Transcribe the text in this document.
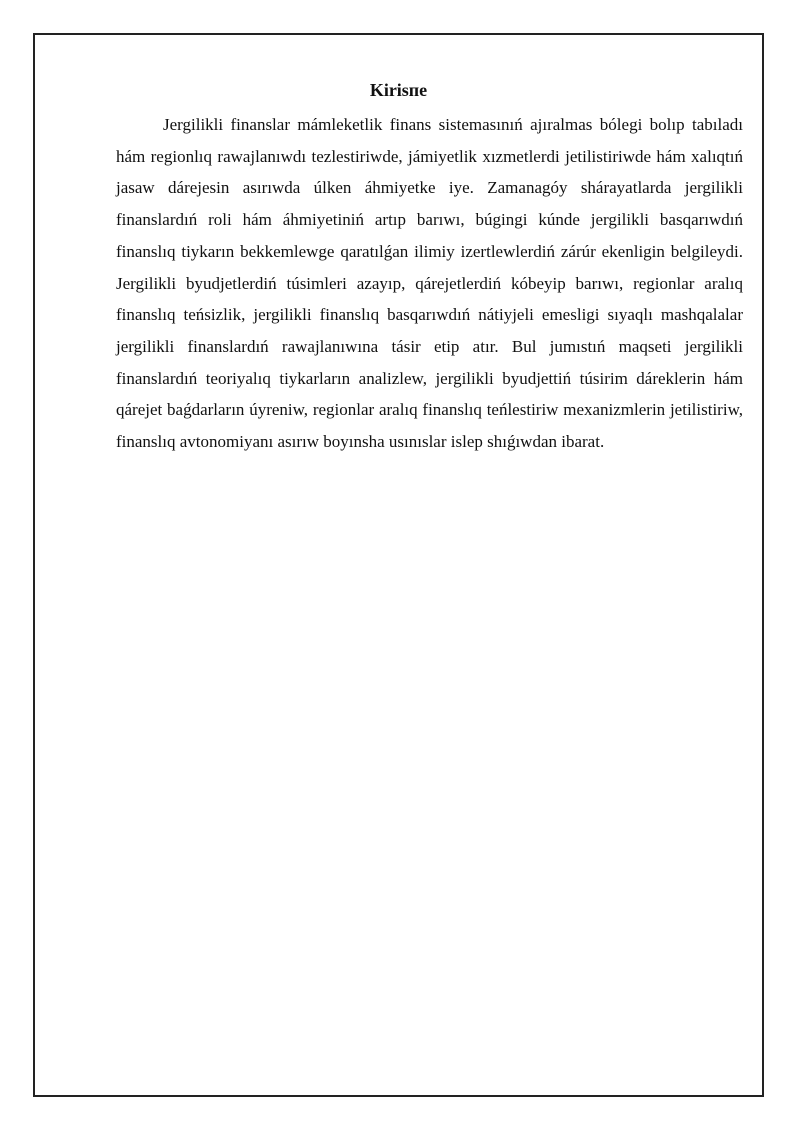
Kirisпe

Jergilikli finanslar mámleketlik finans sistemasınıń ajıralmas bólegi bolıp tabıladı hám regionlıq rawajlanıwdı tezlestiriwde, jámiyetlik xızmetlerdi jetilistiriwde hám xalıqtıń jasaw dárejesin asırıwda úlken áhmiyetke iye. Zamanagóy shárayatlarda jergilikli finanslardıń roli hám áhmiyetiniń artıp barıwı, búgingi kúnde jergilikli basqarıwdıń finanslıq tiykarın bekkemlewge qaratılǵan ilimiy izertlewlerdiń zárúr ekenligin belgileydi. Jergilikli byudjetlerdiń túsimleri azayıp, qárejetlerdiń kóbeyip barıwı, regionlar aralıq finanslıq teńsizlik, jergilikli finanslıq basqarıwdıń nátiyjeli emesligi sıyaqlı mashqalalar jergilikli finanslardıń rawajlanıwına tásir etip atır. Bul jumıstıń maqseti jergilikli finanslardıń teoriyalıq tiykarların analizlew, jergilikli byudjettiń túsirim dáreklerin hám qárejet baǵdarların úyreniw, regionlar aralıq finanslıq teńlestiriw mexanizmlerin jetilistiriw, finanslıq avtonomiyanı asırıw boyınsha usınıslar islep shıǵıwdan ibarat.
